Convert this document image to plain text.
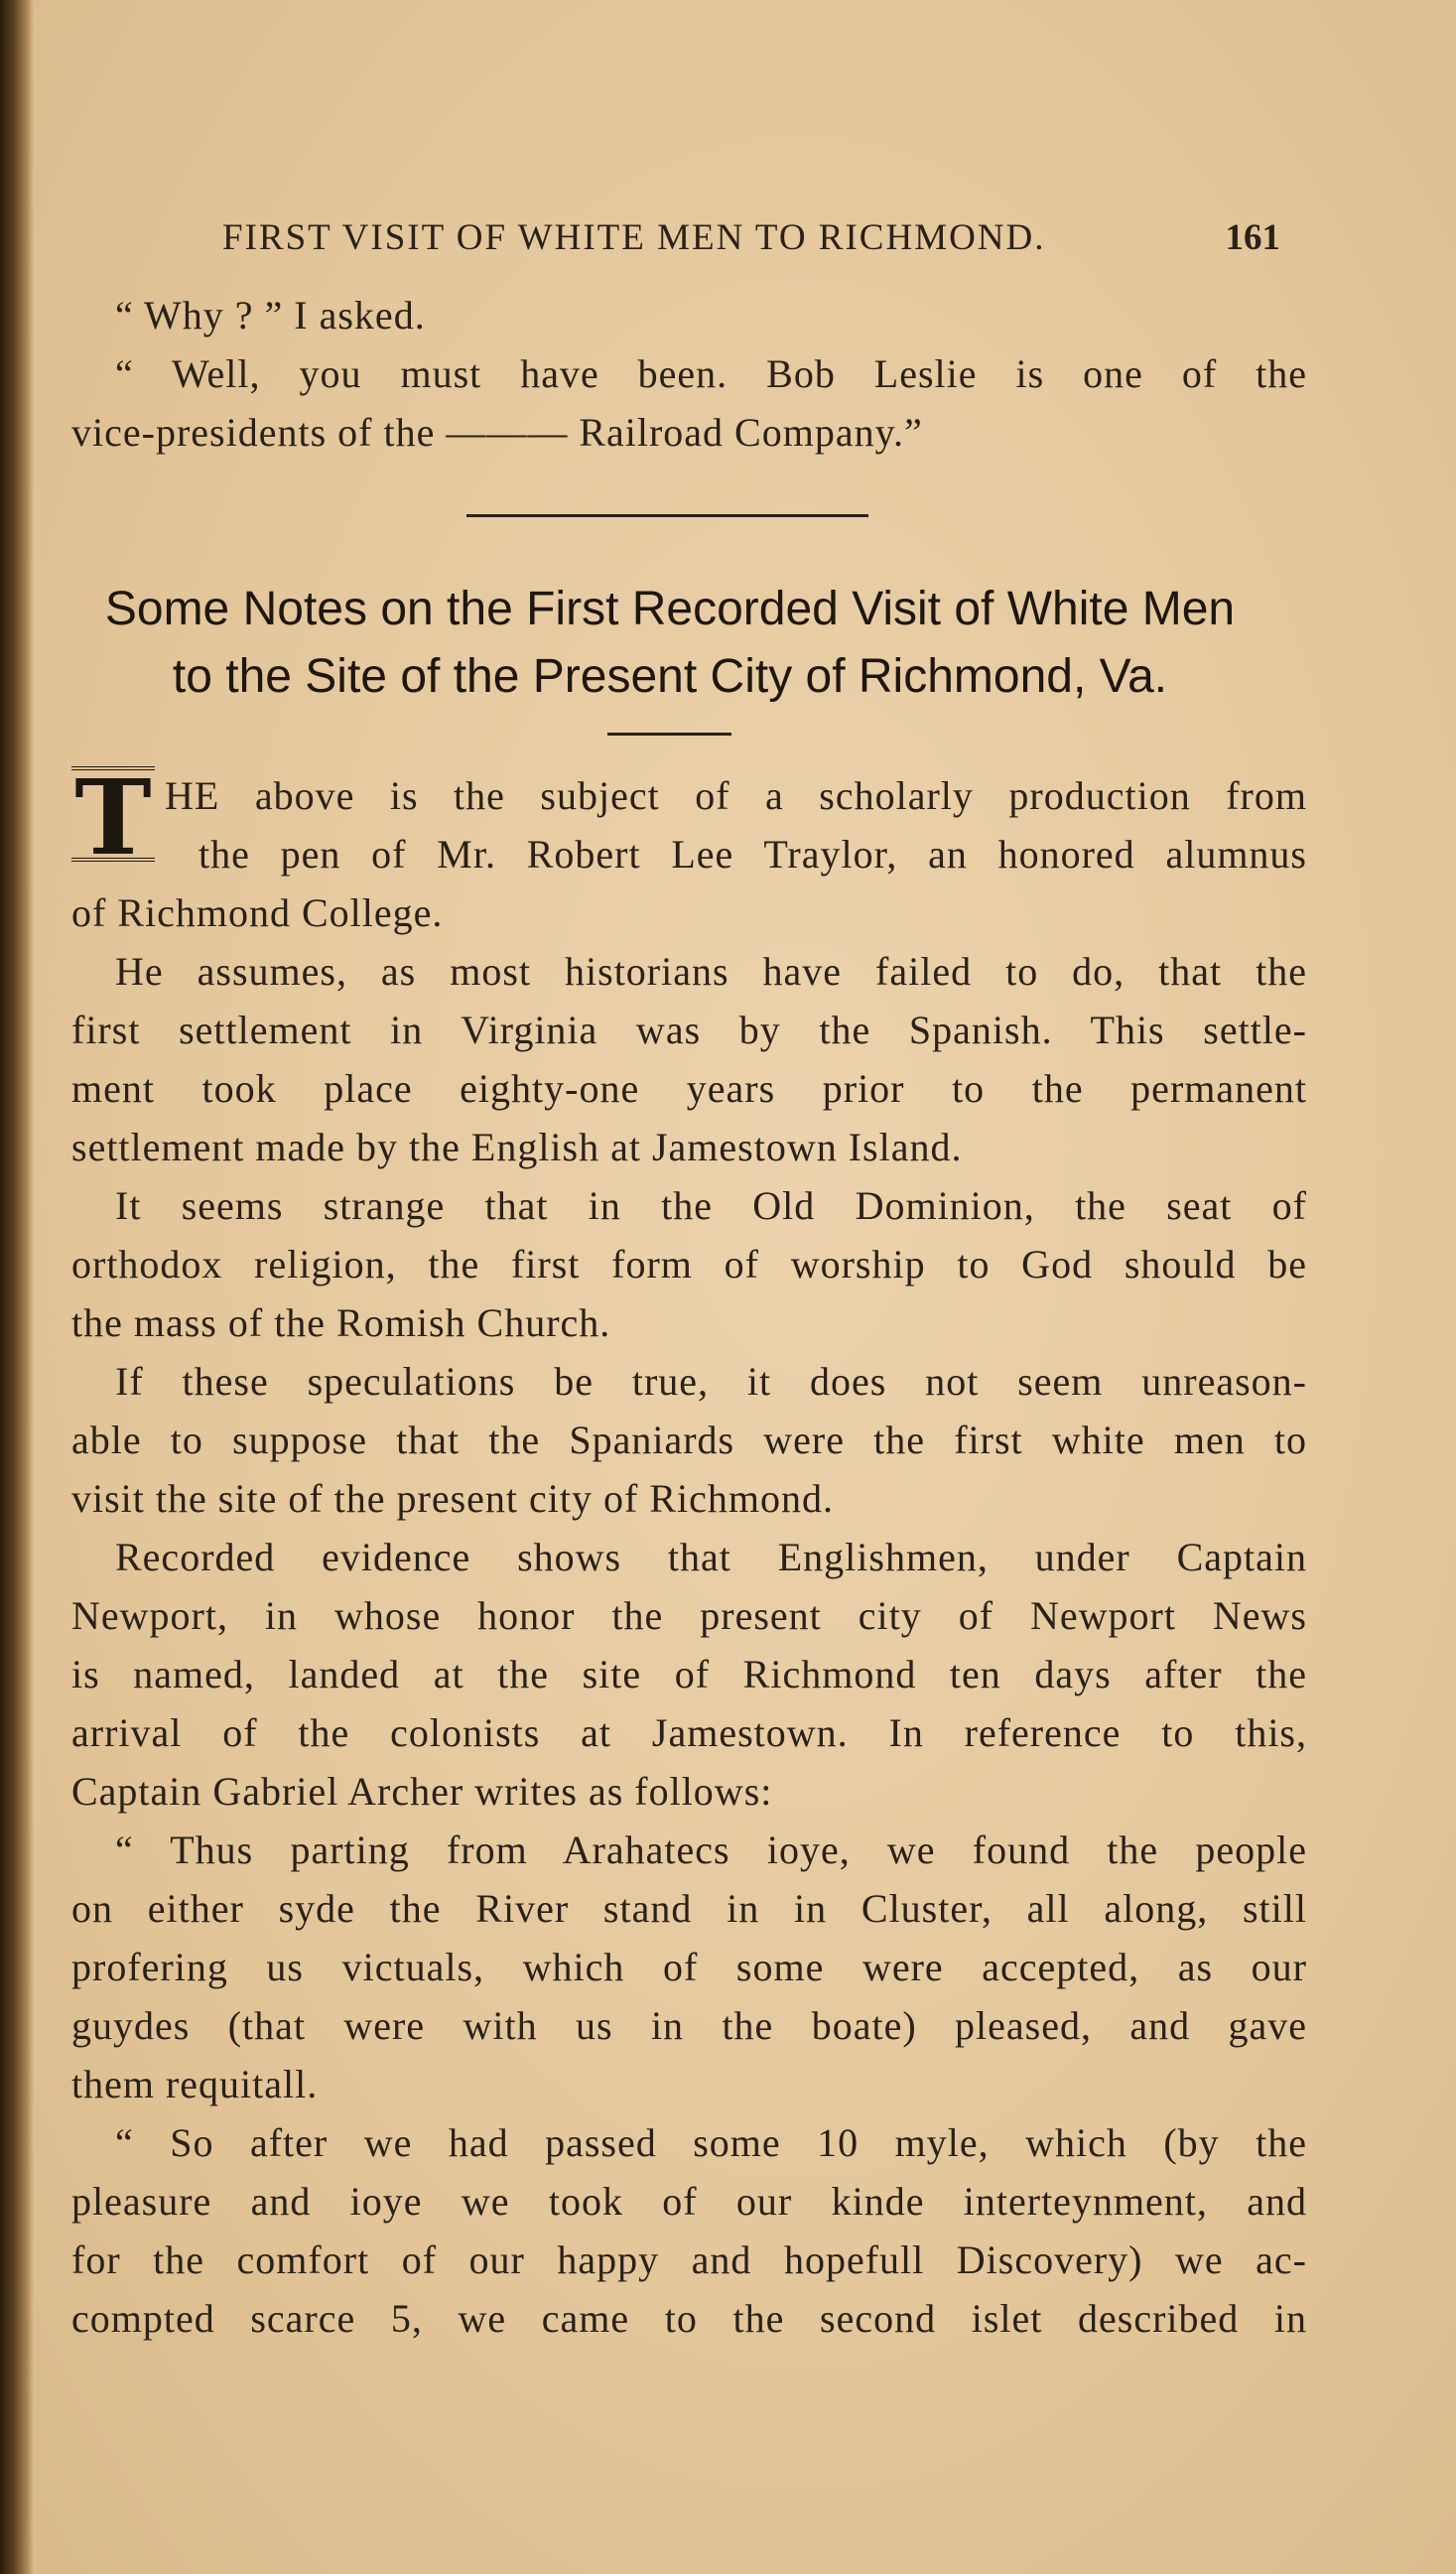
FIRST VISIT OF WHITE MEN TO RICHMOND.	161
“ Why ? ” I asked.
“ Well, you must have been. Bob Leslie is one of the
vice-presidents of the ——— Railroad Company.”
Some Notes on the First Recorded Visit of White Men
to the Site of the Present City of Richmond, Va.
T HE above is the subject of a scholarly production from
the pen of Mr. Robert Lee Traylor, an honored alumnus
of Richmond College.
He assumes, as most historians have failed to do, that the
first settlement in Virginia was by the Spanish. This settle-
ment took place eighty-one years prior to the permanent
settlement made by the English at Jamestown Island.
It seems strange that in the Old Dominion, the seat of
orthodox religion, the first form of worship to God should be
the mass of the Romish Church.
If these speculations be true, it does not seem unreason-
able to suppose that the Spaniards were the first white men to
visit the site of the present city of Richmond.
Recorded evidence shows that Englishmen, under Captain
Newport, in whose honor the present city of Newport News
is named, landed at the site of Richmond ten days after the
arrival of the colonists at Jamestown. In reference to this,
Captain Gabriel Archer writes as follows:
“ Thus parting from Arahatecs ioye, we found the people
on either syde the River stand in in Cluster, all along, still
profering us victuals, which of some were accepted, as our
guydes (that were with us in the boate) pleased, and gave
them requitall.
“ So after we had passed some 10 myle, which (by the
pleasure and ioye we took of our kinde interteynment, and
for the comfort of our happy and hopefull Discovery) we ac-
compted scarce 5, we came to the second islet described in
